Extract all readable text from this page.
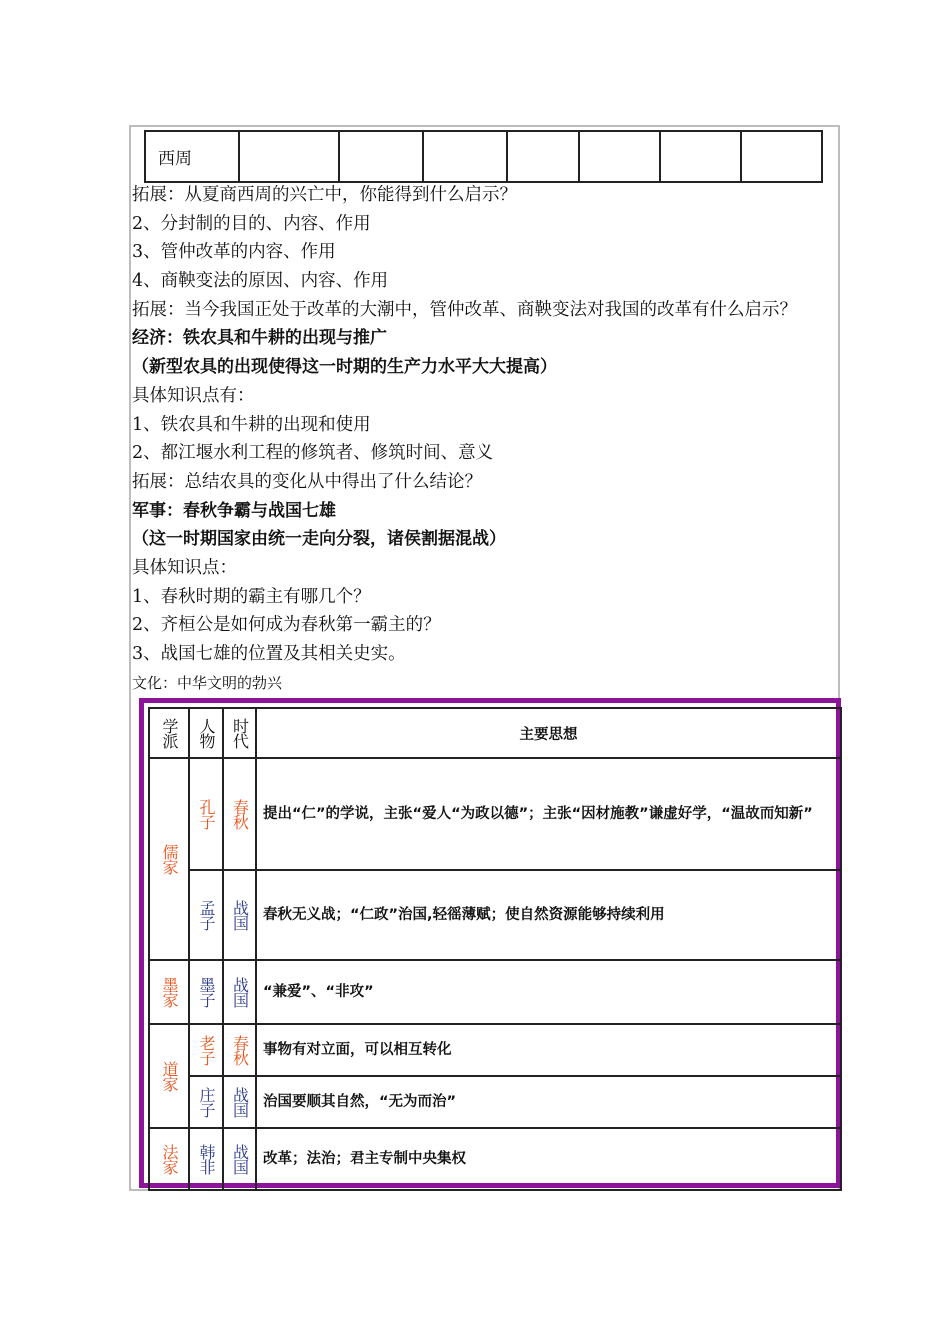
西周							
拓展：从夏商西周的兴亡中，你能得到什么启示？
2、分封制的目的、内容、作用
3、管仲改革的内容、作用
4、商鞅变法的原因、内容、作用
拓展：当今我国正处于改革的大潮中，管仲改革、商鞅变法对我国的改革有什么启示？
经济：铁农具和牛耕的出现与推广
（新型农具的出现使得这一时期的生产力水平大大提高）
具体知识点有：
1、铁农具和牛耕的出现和使用
2、都江堰水利工程的修筑者、修筑时间、意义
拓展：总结农具的变化从中得出了什么结论？
军事：春秋争霸与战国七雄
（这一时期国家由统一走向分裂，诸侯割据混战）
具体知识点：
1、春秋时期的霸主有哪几个？
2、齐桓公是如何成为春秋第一霸主的？
3、战国七雄的位置及其相关史实。
文化：中华文明的勃兴
学派	人物	时代	主要思想

儒家	孔子	春秋	提出“仁”的学说，主张“爱人“为政以德”；主张“因材施教”谦虚好学，“温故而知新”

	孟子	战国	春秋无义战；“仁政”治国,轻徭薄赋；使自然资源能够持续利用

墨家	墨子	战国	“兼爱”、“非攻”

道家	老子	春秋	事物有对立面，可以相互转化

	庄子	战国	治国要顺其自然，“无为而治”

法家	韩非	战国	改革；法治；君主专制中央集权
